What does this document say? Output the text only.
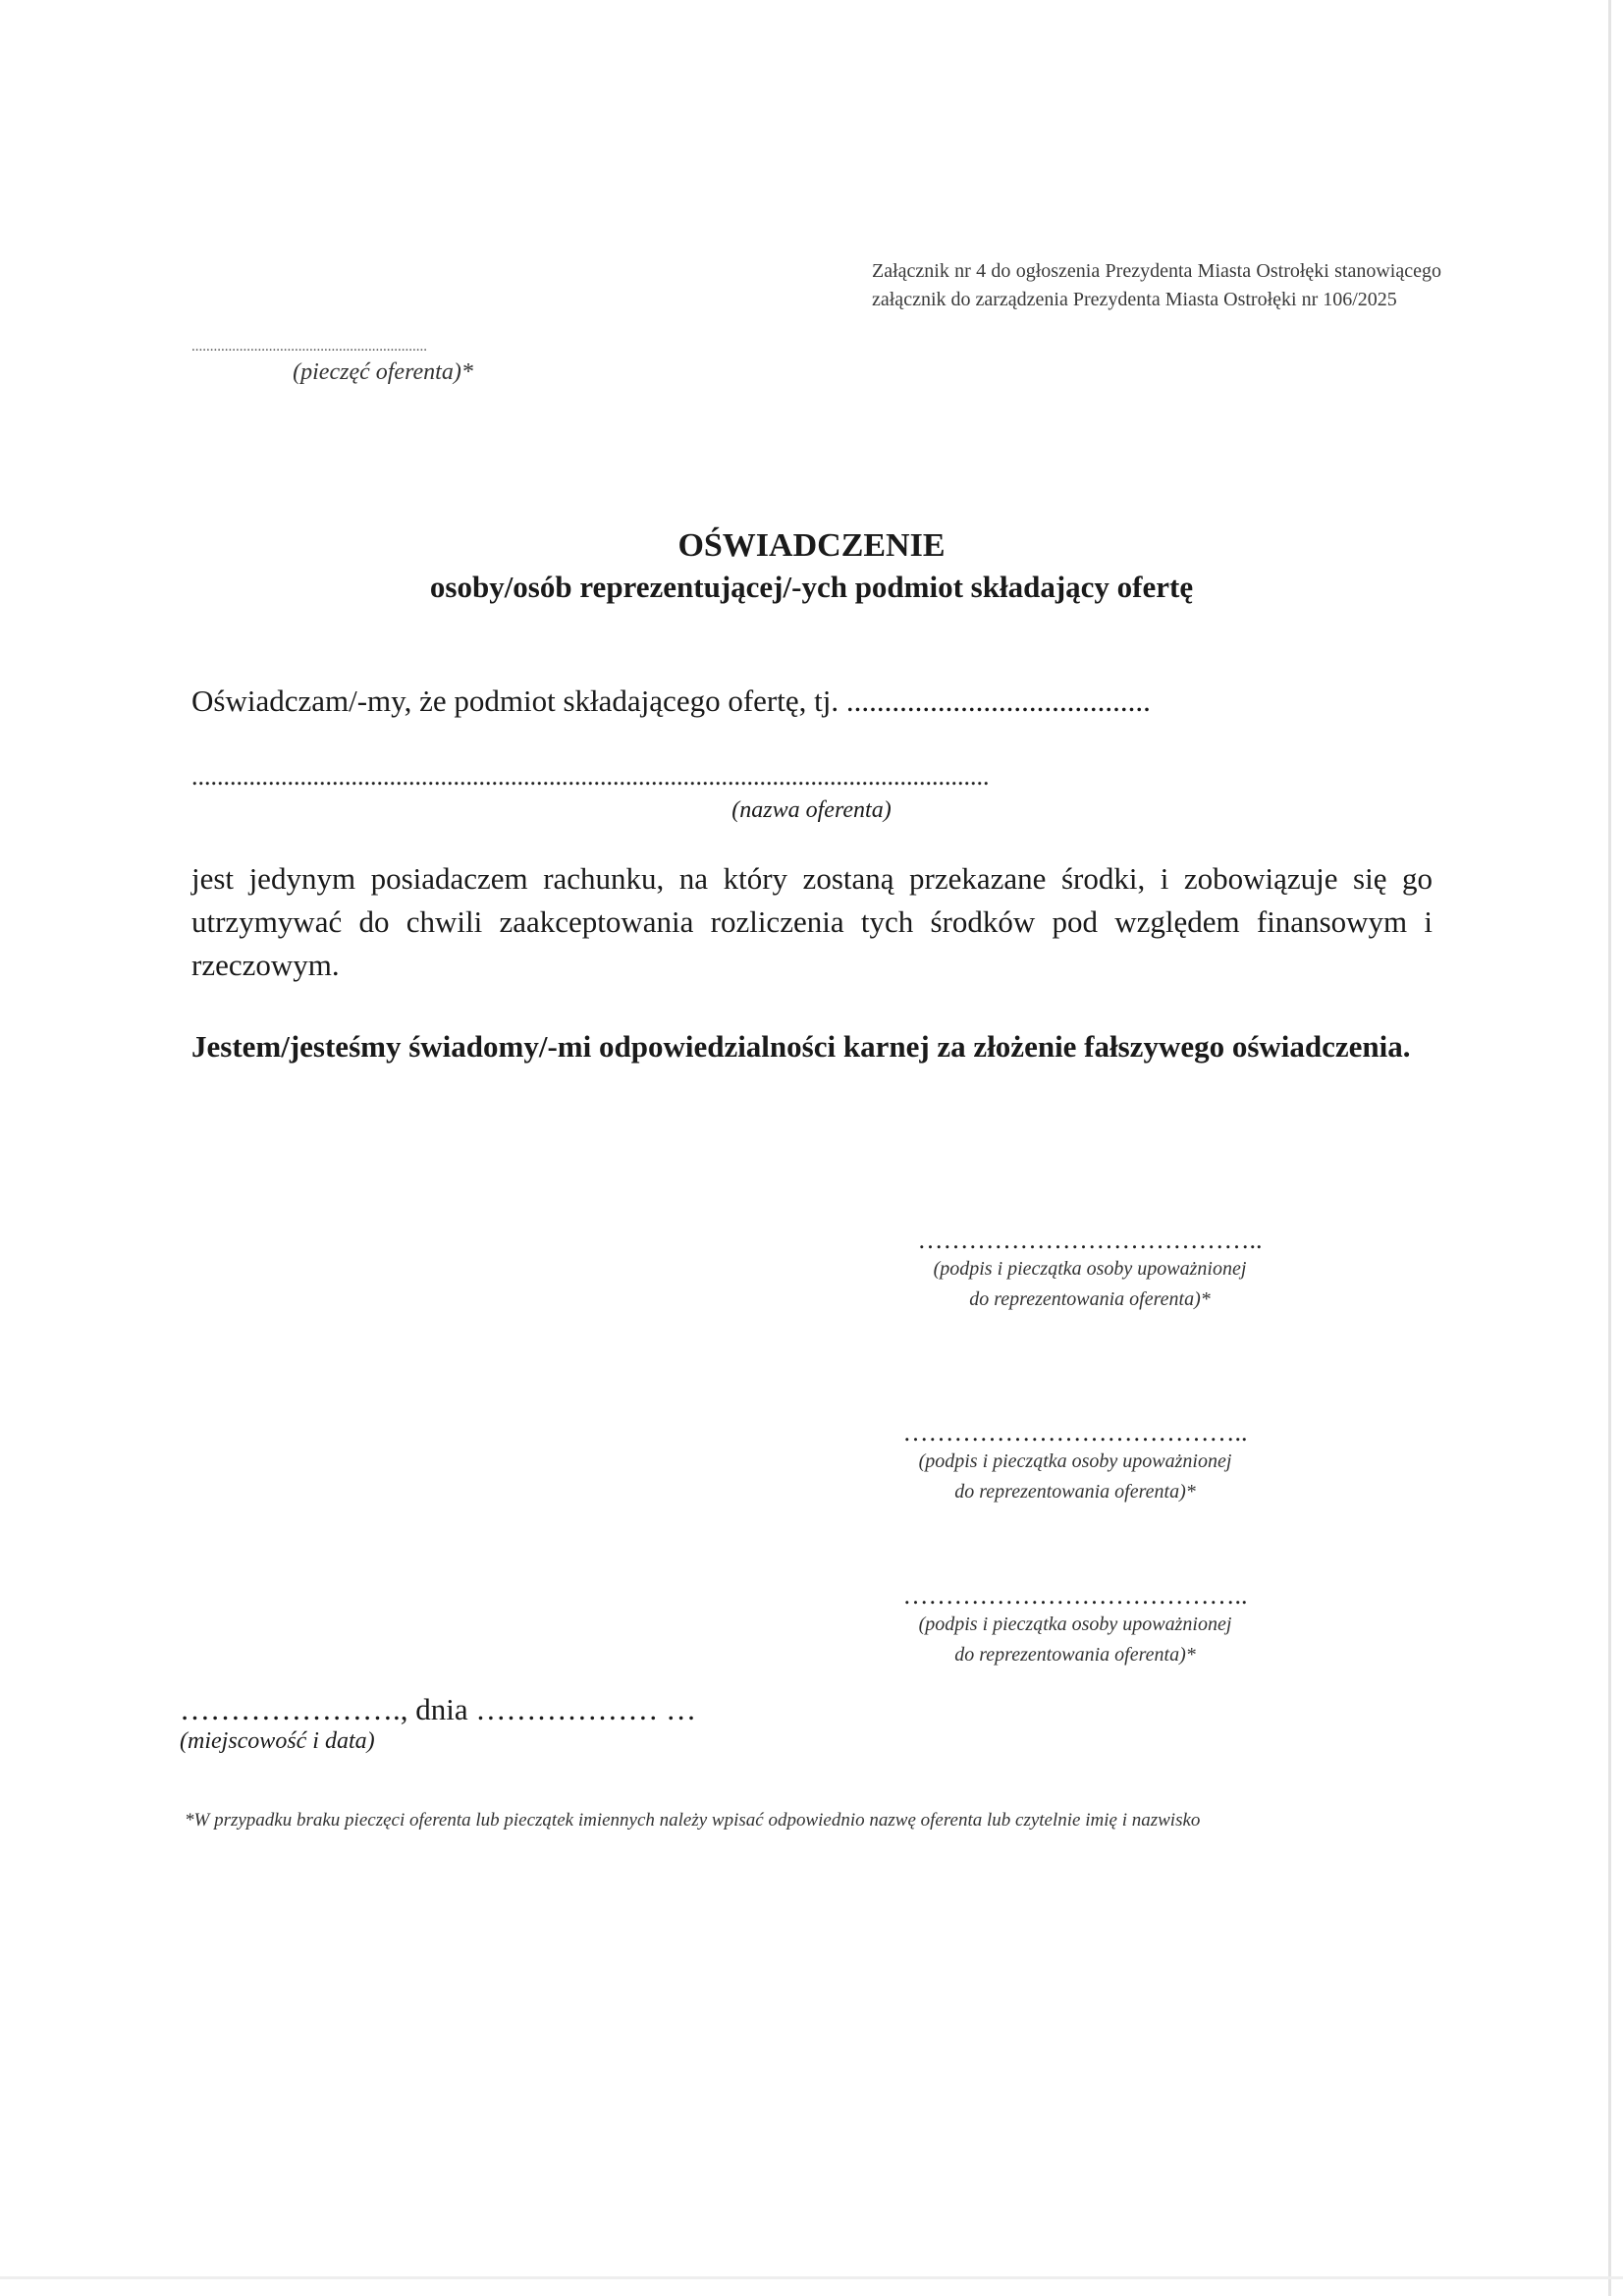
Załącznik nr 4 do ogłoszenia Prezydenta Miasta Ostrołęki stanowiącego załącznik do zarządzenia Prezydenta Miasta Ostrołęki nr 106/2025
................................................................
(pieczęć oferenta)*
OŚWIADCZENIE
osoby/osób reprezentującej/-ych podmiot składający ofertę
Oświadczam/-my, że podmiot składającego ofertę, tj. ........................................
.............................................................................................................................
(nazwa oferenta)
jest jedynym posiadaczem rachunku, na który zostaną przekazane środki, i zobowiązuje się go utrzymywać do chwili zaakceptowania rozliczenia tych środków pod względem finansowym i rzeczowym.
Jestem/jesteśmy świadomy/-mi odpowiedzialności karnej za złożenie fałszywego oświadczenia.
…………………………………..
(podpis i pieczątka osoby upoważnionej
do reprezentowania oferenta)*
…………………………………..
(podpis i pieczątka osoby upoważnionej
do reprezentowania oferenta)*
…………………………………..
(podpis i pieczątka osoby upoważnionej
do reprezentowania oferenta)*
…………………., dnia ……………… …
(miejscowość i data)
*W przypadku braku pieczęci oferenta lub pieczątek imiennych należy wpisać odpowiednio nazwę oferenta lub czytelnie imię i nazwisko
